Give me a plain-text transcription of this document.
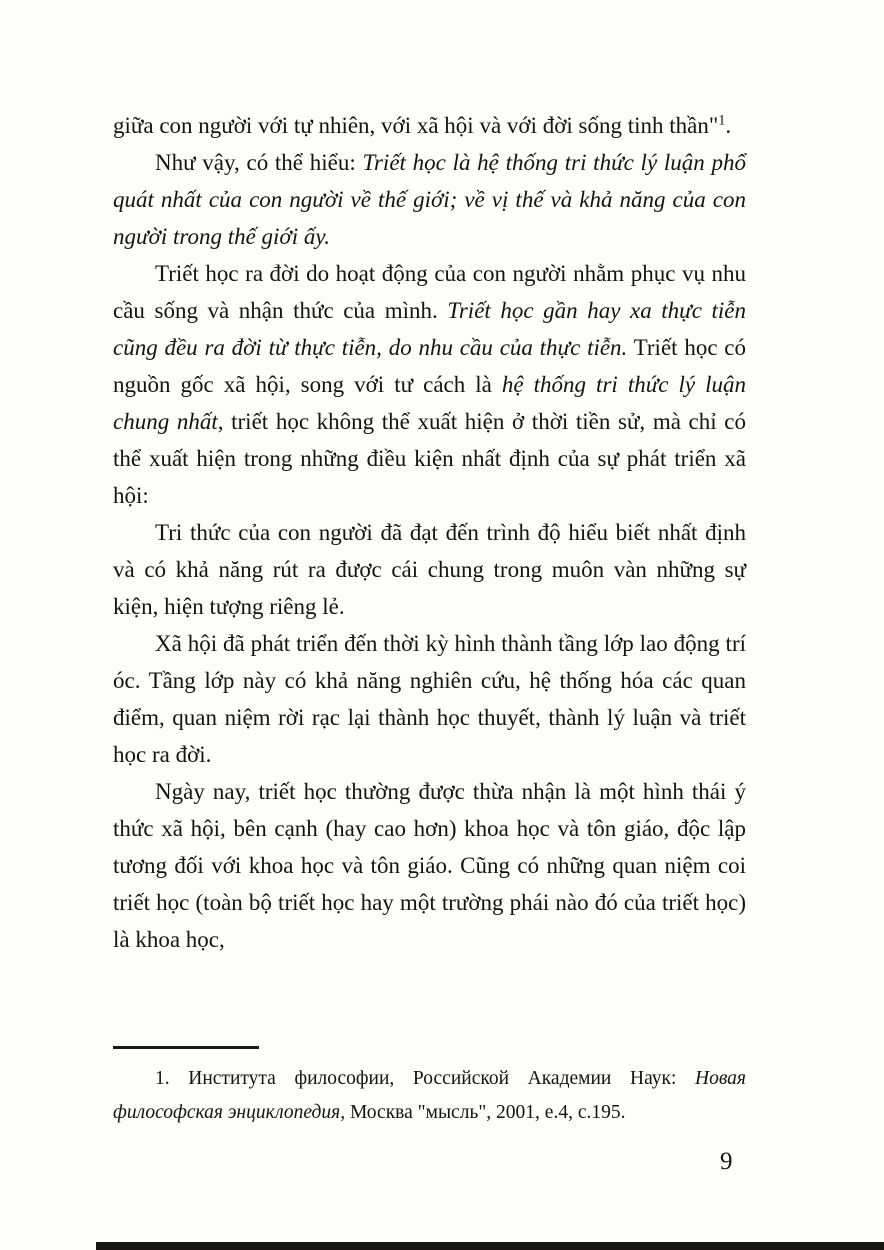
giữa con người với tự nhiên, với xã hội và với đời sống tinh thần"$^1$.

Như vậy, có thể hiểu: Triết học là hệ thống tri thức lý luận phổ quát nhất của con người về thế giới; về vị thế và khả năng của con người trong thế giới ấy.

Triết học ra đời do hoạt động của con người nhằm phục vụ nhu cầu sống và nhận thức của mình. Triết học gần hay xa thực tiễn cũng đều ra đời từ thực tiễn, do nhu cầu của thực tiễn. Triết học có nguồn gốc xã hội, song với tư cách là hệ thống tri thức lý luận chung nhất, triết học không thể xuất hiện ở thời tiền sử, mà chỉ có thể xuất hiện trong những điều kiện nhất định của sự phát triển xã hội:

Tri thức của con người đã đạt đến trình độ hiểu biết nhất định và có khả năng rút ra được cái chung trong muôn vàn những sự kiện, hiện tượng riêng lẻ.

Xã hội đã phát triển đến thời kỳ hình thành tầng lớp lao động trí óc. Tầng lớp này có khả năng nghiên cứu, hệ thống hóa các quan điểm, quan niệm rời rạc lại thành học thuyết, thành lý luận và triết học ra đời.

Ngày nay, triết học thường được thừa nhận là một hình thái ý thức xã hội, bên cạnh (hay cao hơn) khoa học và tôn giáo, độc lập tương đối với khoa học và tôn giáo. Cũng có những quan niệm coi triết học (toàn bộ triết học hay một trường phái nào đó của triết học) là khoa học,

1. Института философии, Российской Академии Наук: Новая философская энциклопедия, Москва "мысль", 2001, е.4, с.195.

9
